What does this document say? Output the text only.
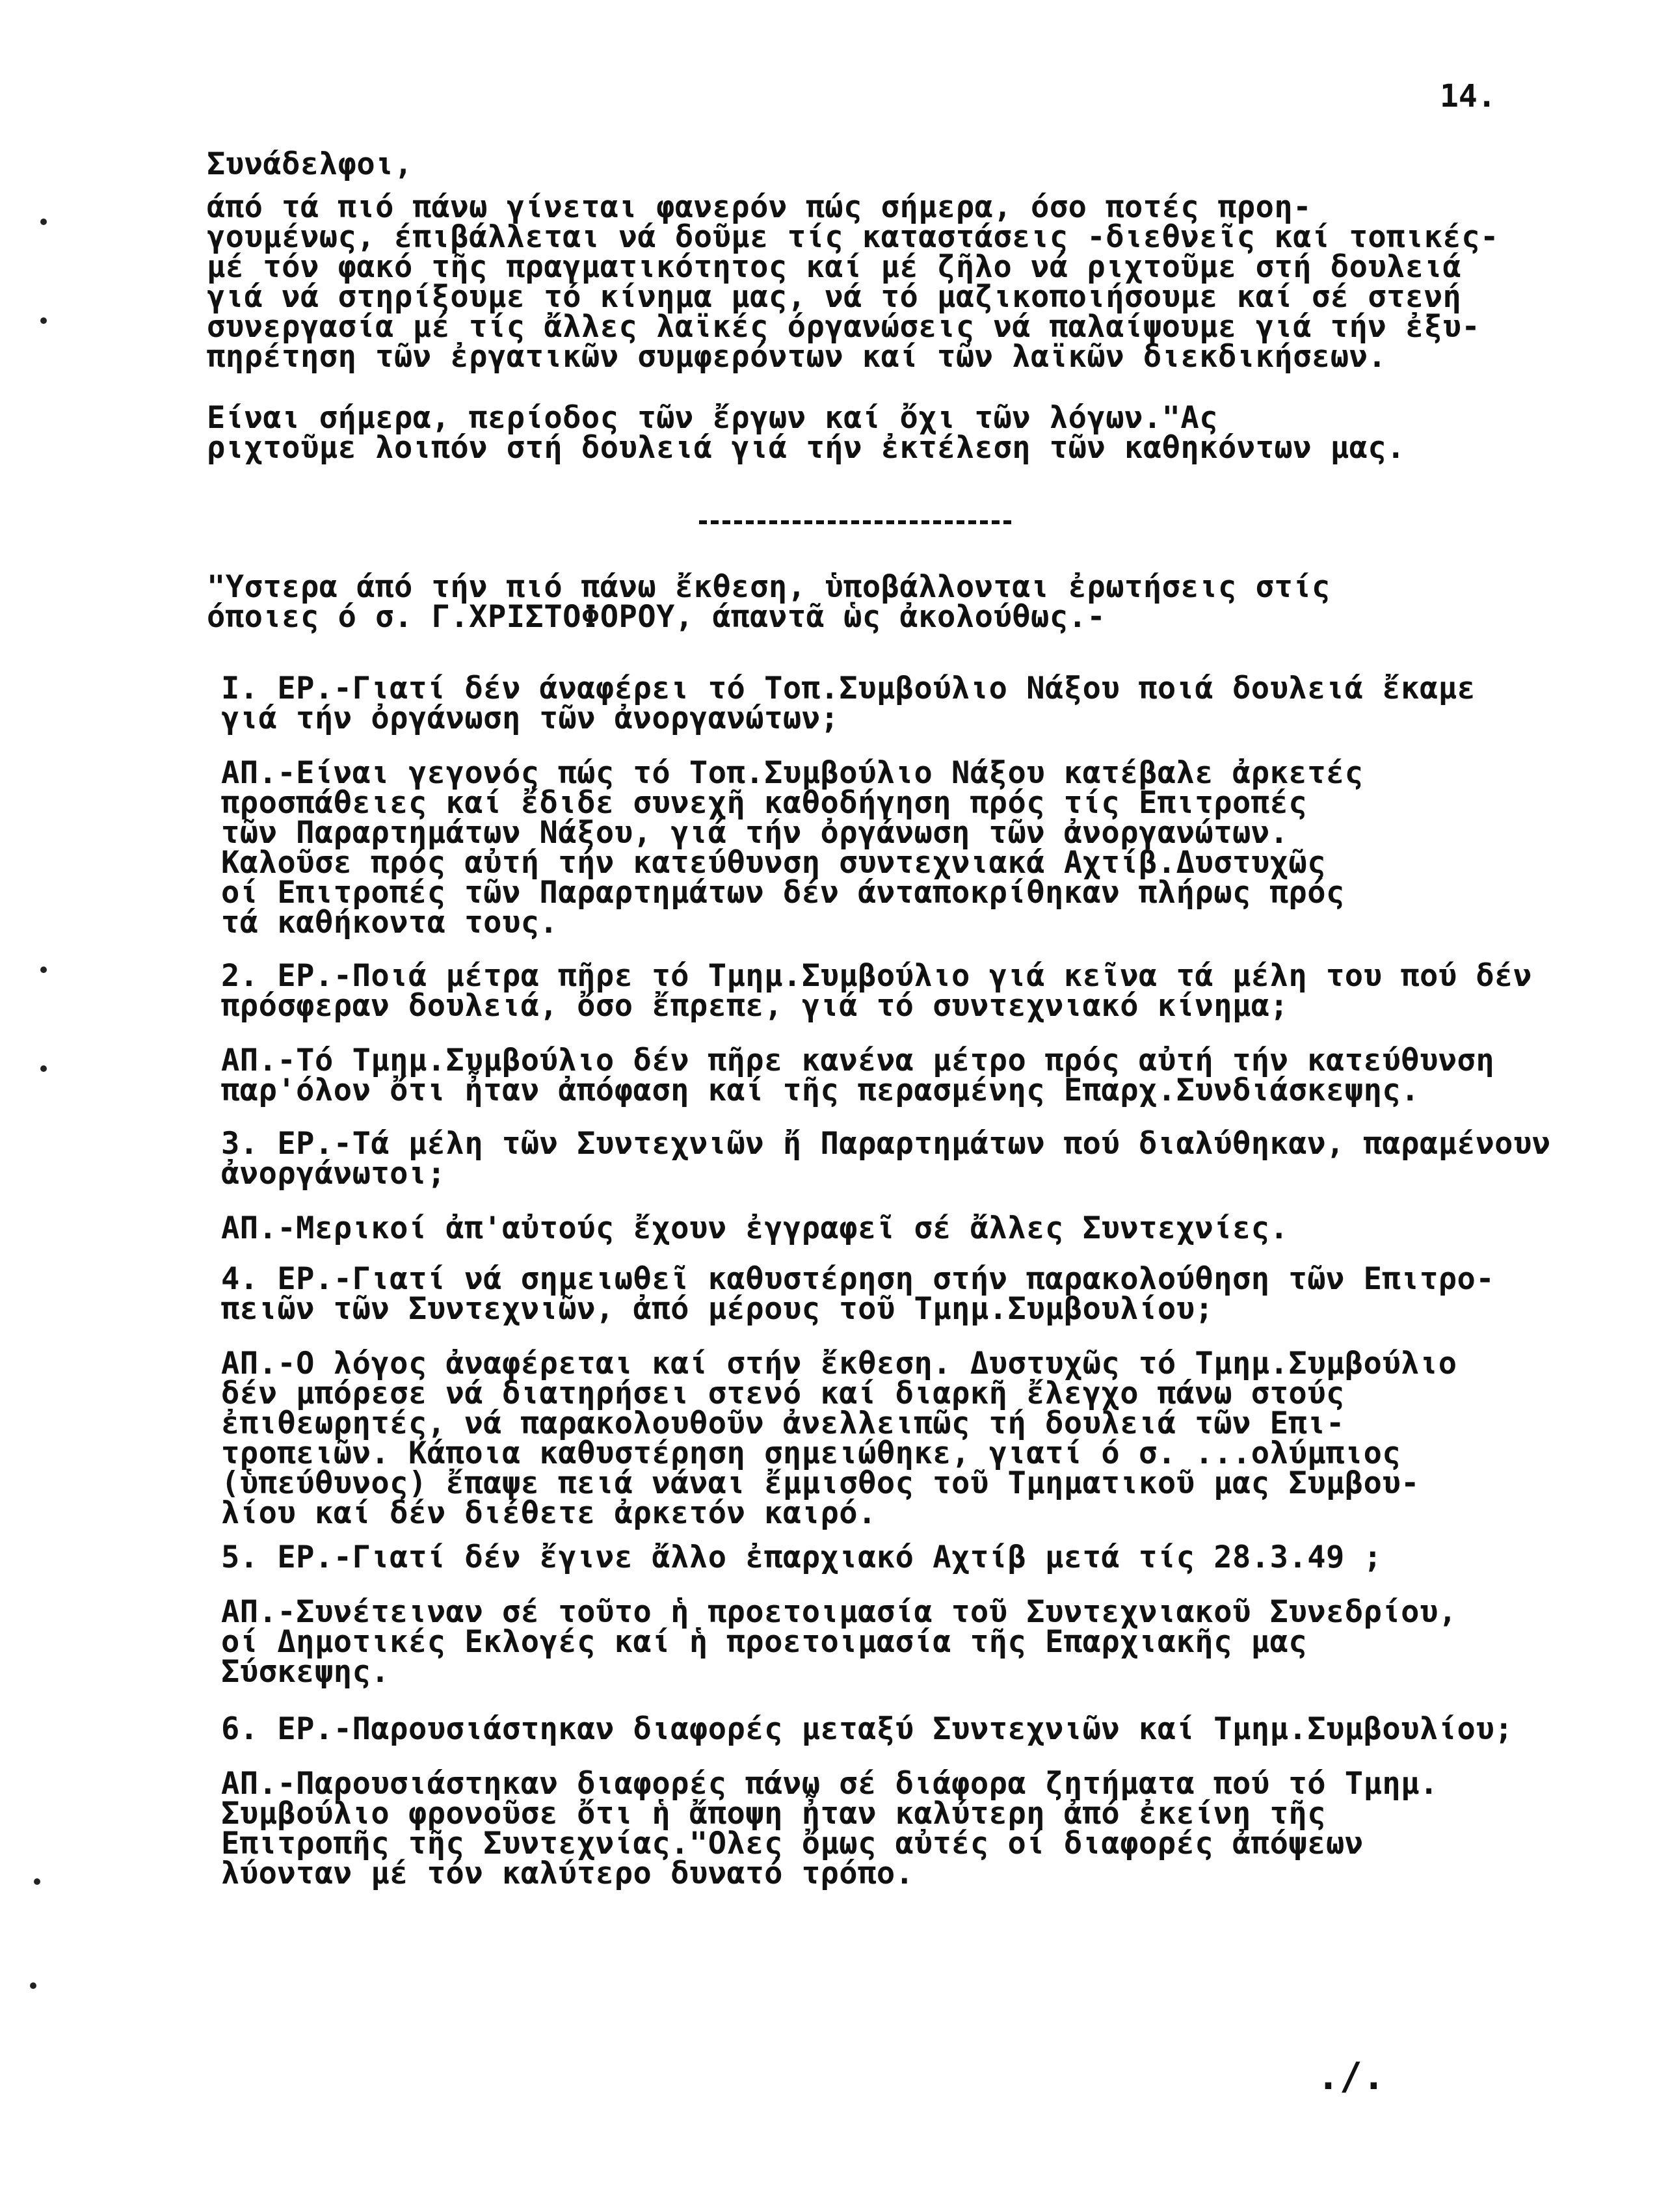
14.
Συνάδελφοι,
άπό τά πιό πάνω γίνεται φανερόν πώς σήμερα, όσο ποτές προη-
γουμένως, έπιβάλλεται νά δοῦμε τίς καταστάσεις -διεθνεῖς καί τοπικές-
μέ τόν φακό τῆς πραγματικότητος καί μέ ζῆλο νά ριχτοῦμε στή δουλειά
γιά νά στηρίξουμε τό κίνημα μας, νά τό μαζικοποιήσουμε καί σέ στενή
συνεργασία μέ τίς ἄλλες λαϊκές όργανώσεις νά παλαίψουμε γιά τήν ἐξυ-
πηρέτηση τῶν ἐργατικῶν συμφερόντων καί τῶν λαϊκῶν διεκδικήσεων.
Είναι σήμερα, περίοδος τῶν ἔργων καί ὄχι τῶν λόγων."Ας
ριχτοῦμε λοιπόν στή δουλειά γιά τήν ἐκτέλεση τῶν καθηκόντων μας.
"Υστερα άπό τήν πιό πάνω ἔκθεση, ὑποβάλλονται ἐρωτήσεις στίς
όποιες ό σ. Γ.ΧΡΙΣΤΟΦΟΡΟΥ, άπαντᾶ ὡς ἀκολούθως.-
I. ΕΡ.-Γιατί δέν άναφέρει τό Τοπ.Συμβούλιο Νάξου ποιά δουλειά ἔκαμε
γιά τήν ὀργάνωση τῶν ἀνοργανώτων;
ΑΠ.-Είναι γεγονός πώς τό Τοπ.Συμβούλιο Νάξου κατέβαλε ἀρκετές
προσπάθειες καί ἔδιδε συνεχῆ καθοδήγηση πρός τίς Επιτροπές
τῶν Παραρτημάτων Νάξου, γιά τήν ὀργάνωση τῶν ἀνοργανώτων.
Καλοῦσε πρός αὐτή τήν κατεύθυνση συντεχνιακά Αχτίβ.Δυστυχῶς
οί Επιτροπές τῶν Παραρτημάτων δέν άνταποκρίθηκαν πλήρως πρός
τά καθήκοντα τους.
2. ΕΡ.-Ποιά μέτρα πῆρε τό Τμημ.Συμβούλιο γιά κεῖνα τά μέλη του πού δέν
πρόσφεραν δουλειά, ὄσο ἔπρεπε, γιά τό συντεχνιακό κίνημα;
ΑΠ.-Τό Τμημ.Συμβούλιο δέν πῆρε κανένα μέτρο πρός αὐτή τήν κατεύθυνση
παρ'όλον ὄτι ἦταν ἀπόφαση καί τῆς περασμένης Επαρχ.Συνδιάσκεψης.
3. ΕΡ.-Τά μέλη τῶν Συντεχνιῶν ἤ Παραρτημάτων πού διαλύθηκαν, παραμένουν
ἀνοργάνωτοι;
ΑΠ.-Μερικοί ἀπ'αὐτούς ἔχουν ἐγγραφεῖ σέ ἄλλες Συντεχνίες.
4. ΕΡ.-Γιατί νά σημειωθεῖ καθυστέρηση στήν παρακολούθηση τῶν Επιτρο-
πειῶν τῶν Συντεχνιῶν, ἀπό μέρους τοῦ Τμημ.Συμβουλίου;
ΑΠ.-Ο λόγος ἀναφέρεται καί στήν ἔκθεση. Δυστυχῶς τό Τμημ.Συμβούλιο
δέν μπόρεσε νά διατηρήσει στενό καί διαρκῆ ἔλεγχο πάνω στούς
ἐπιθεωρητές, νά παρακολουθοῦν ἀνελλειπῶς τή δουλειά τῶν Επι-
τροπειῶν. Κάποια καθυστέρηση σημειώθηκε, γιατί ό σ. ...ολύμπιος
(ὑπεύθυνος) ἔπαψε πειά νάναι ἔμμισθος τοῦ Τμηματικοῦ μας Συμβου-
λίου καί δέν διέθετε ἀρκετόν καιρό.
5. ΕΡ.-Γιατί δέν ἔγινε ἄλλο ἐπαρχιακό Αχτίβ μετά τίς 28.3.49 ;
ΑΠ.-Συνέτειναν σέ τοῦτο ἡ προετοιμασία τοῦ Συντεχνιακοῦ Συνεδρίου,
οί Δημοτικές Εκλογές καί ἡ προετοιμασία τῆς Επαρχιακῆς μας
Σύσκεψης.
6. ΕΡ.-Παρουσιάστηκαν διαφορές μεταξύ Συντεχνιῶν καί Τμημ.Συμβουλίου;
ΑΠ.-Παρουσιάστηκαν διαφορές πάνω σέ διάφορα ζητήματα πού τό Τμημ.
Συμβούλιο φρονοῦσε ὄτι ἡ ἄποψη ἦταν καλύτερη ἀπό ἐκείνη τῆς
Επιτροπῆς τῆς Συντεχνίας."Ολες ὄμως αὐτές οί διαφορές ἀπόψεων
λύονταν μέ τόν καλύτερο δυνατό τρόπο.
./.
